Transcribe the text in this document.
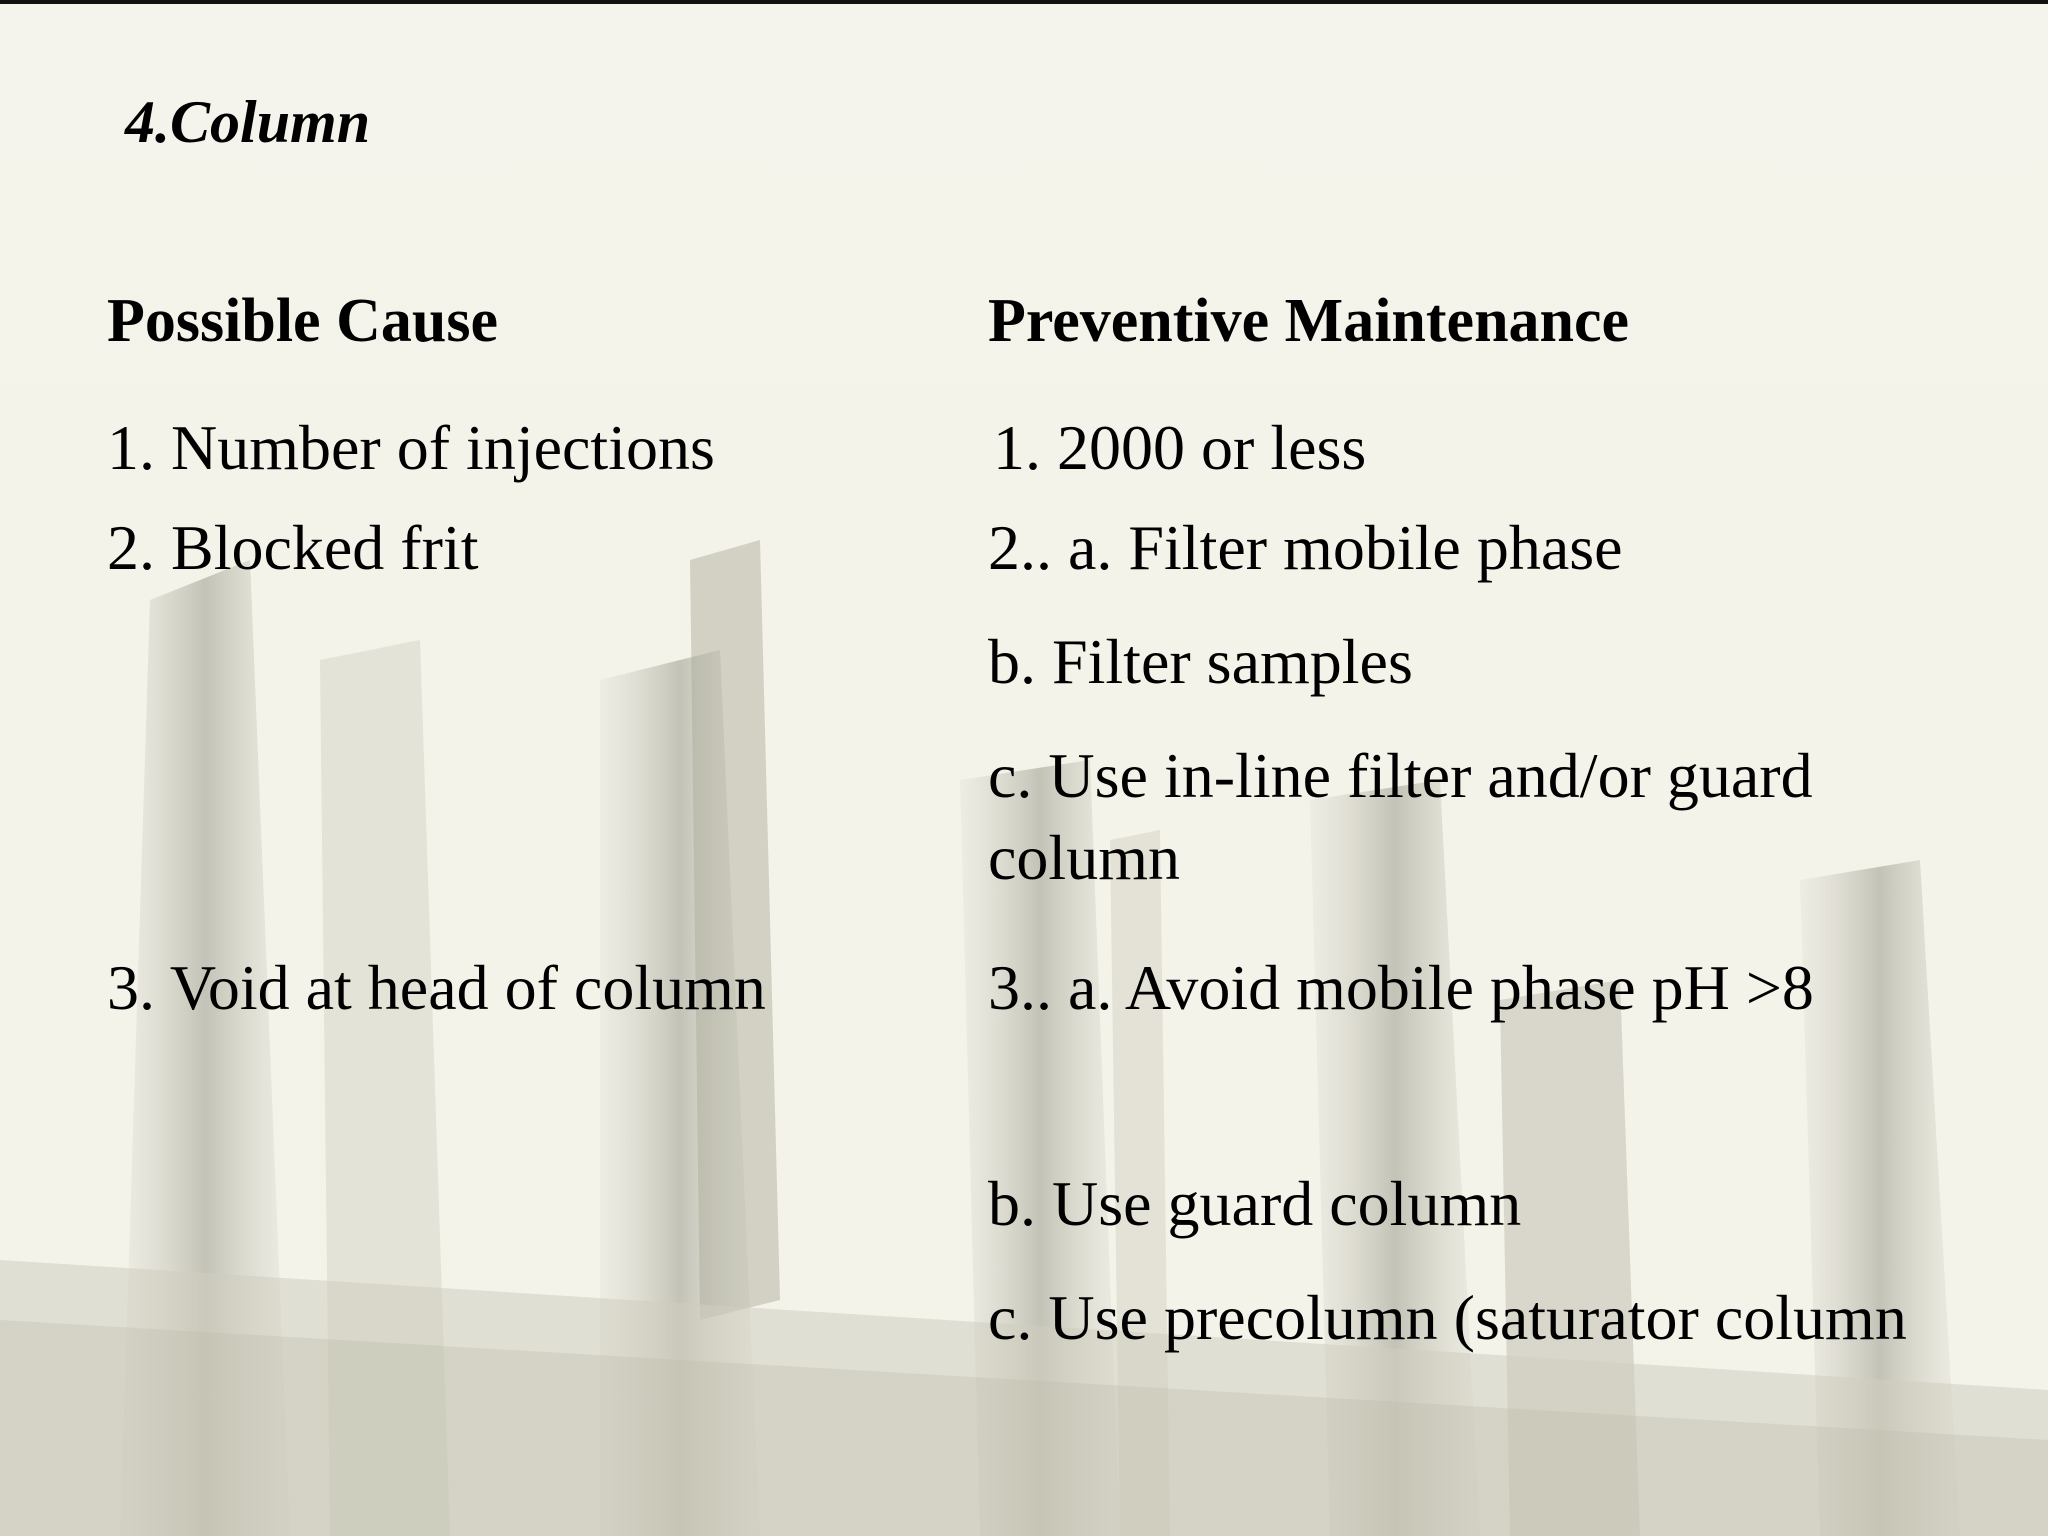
4.Column
Possible Cause	Preventive Maintenance
1. Number of injections
2. Blocked frit
3. Void at head of column
1. 2000 or less
2.. a. Filter mobile phase
b. Filter samples
c. Use in-line filter and/or guard
column
3.. a. Avoid mobile phase pH >8
b. Use guard column
c. Use precolumn (saturator column
